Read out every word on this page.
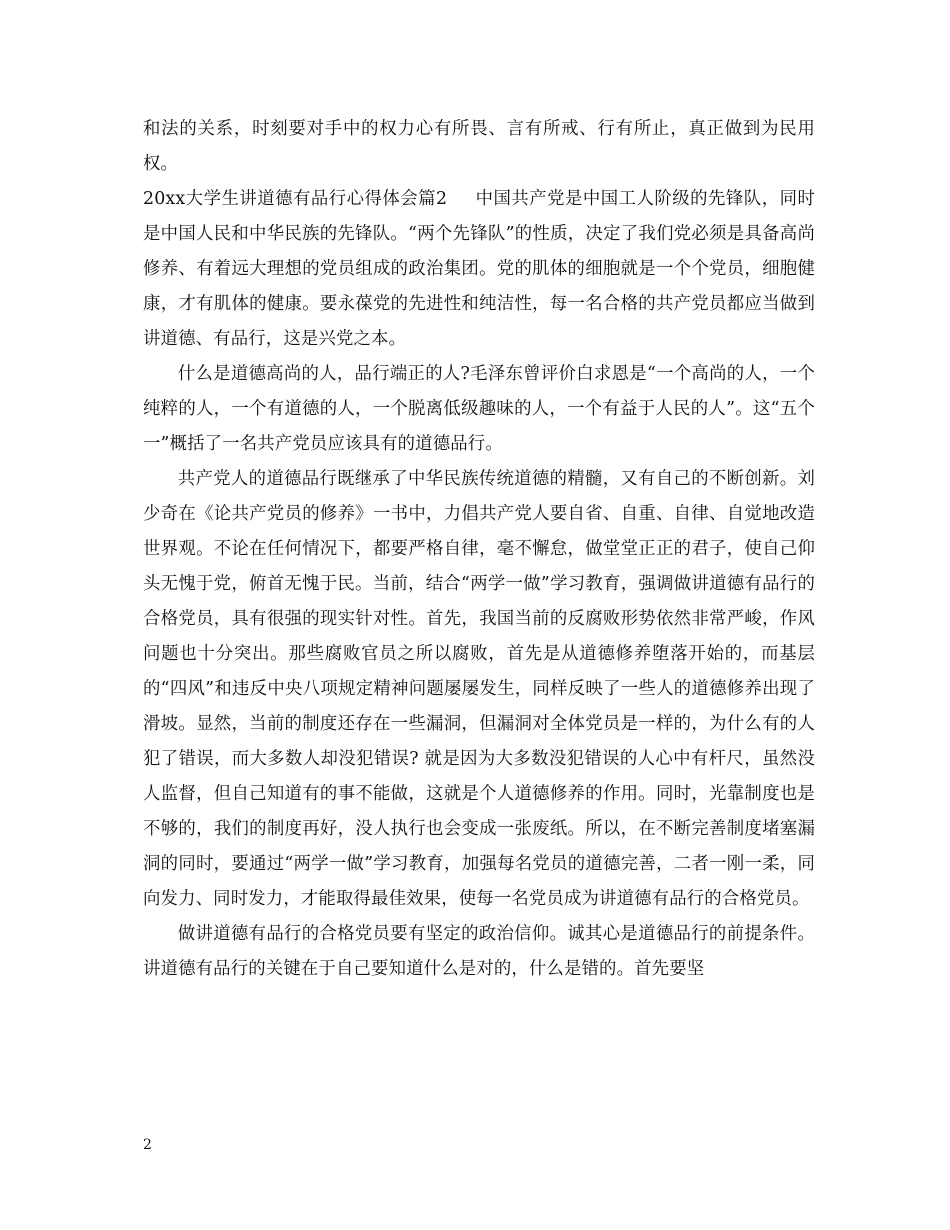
和法的关系，时刻要对手中的权力心有所畏、言有所戒、行有所止，真正做到为民用权。

20xx大学生讲道德有品行心得体会篇2 中国共产党是中国工人阶级的先锋队，同时是中国人民和中华民族的先锋队。“两个先锋队”的性质，决定了我们党必须是具备高尚修养、有着远大理想的党员组成的政治集团。党的肌体的细胞就是一个个党员，细胞健康，才有肌体的健康。要永葆党的先进性和纯洁性，每一名合格的共产党员都应当做到讲道德、有品行，这是兴党之本。

什么是道德高尚的人，品行端正的人?毛泽东曾评价白求恩是“一个高尚的人，一个纯粹的人，一个有道德的人，一个脱离低级趣味的人，一个有益于人民的人”。这“五个一”概括了一名共产党员应该具有的道德品行。

共产党人的道德品行既继承了中华民族传统道德的精髓，又有自己的不断创新。刘少奇在《论共产党员的修养》一书中，力倡共产党人要自省、自重、自律、自觉地改造世界观。不论在任何情况下，都要严格自律，毫不懈怠，做堂堂正正的君子，使自己仰头无愧于党，俯首无愧于民。当前，结合“两学一做”学习教育，强调做讲道德有品行的合格党员，具有很强的现实针对性。首先，我国当前的反腐败形势依然非常严峻，作风问题也十分突出。那些腐败官员之所以腐败，首先是从道德修养堕落开始的，而基层的“四风”和违反中央八项规定精神问题屡屡发生，同样反映了一些人的道德修养出现了滑坡。显然，当前的制度还存在一些漏洞，但漏洞对全体党员是一样的，为什么有的人犯了错误，而大多数人却没犯错误? 就是因为大多数没犯错误的人心中有杆尺，虽然没人监督，但自己知道有的事不能做，这就是个人道德修养的作用。同时，光靠制度也是不够的，我们的制度再好，没人执行也会变成一张废纸。所以，在不断完善制度堵塞漏洞的同时，要通过“两学一做”学习教育，加强每名党员的道德完善，二者一刚一柔，同向发力、同时发力，才能取得最佳效果，使每一名党员成为讲道德有品行的合格党员。

做讲道德有品行的合格党员要有坚定的政治信仰。诚其心是道德品行的前提条件。讲道德有品行的关键在于自己要知道什么是对的，什么是错的。首先要坚

2
